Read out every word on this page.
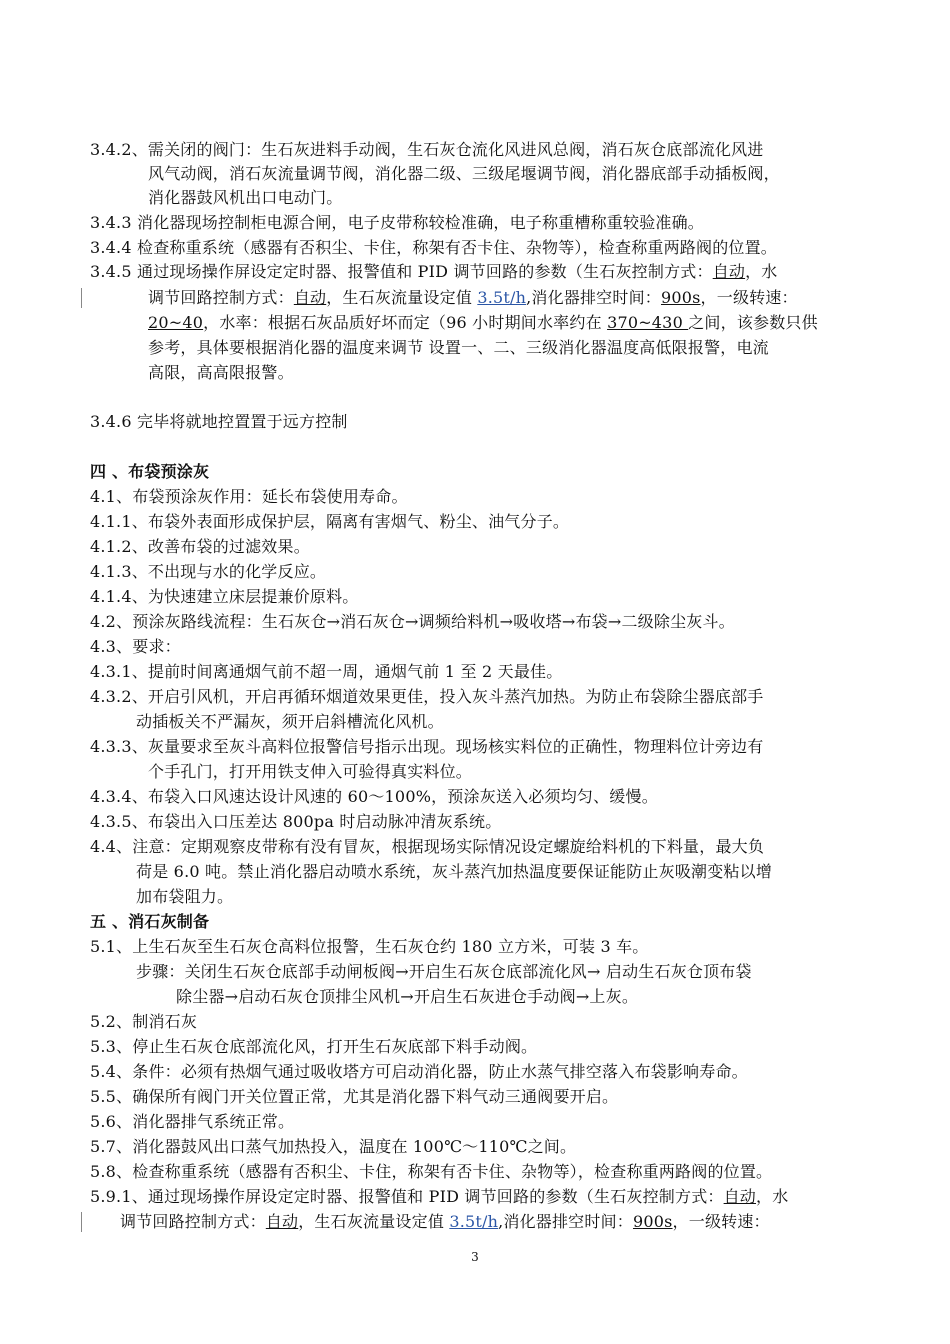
3.4.2、需关闭的阀门：生石灰进料手动阀，生石灰仓流化风进风总阀，消石灰仓底部流化风进
风气动阀，消石灰流量调节阀，消化器二级、三级尾堰调节阀，消化器底部手动插板阀，
消化器鼓风机出口电动门。
3.4.3 消化器现场控制柜电源合闸，电子皮带称较检准确，电子称重槽称重较验准确。
3.4.4 检查称重系统（感器有否积尘、卡住，称架有否卡住、杂物等），检查称重两路阀的位置。
3.4.5 通过现场操作屏设定定时器、报警值和 PID 调节回路的参数（生石灰控制方式：自动，水
调节回路控制方式：自动，生石灰流量设定值 3.5t/h,消化器排空时间：900s，一级转速：
20~40，水率：根据石灰品质好坏而定（96 小时期间水率约在 370~430 之间，该参数只供
参考，具体要根据消化器的温度来调节 设置一、二、三级消化器温度高低限报警，电流
高限，高高限报警。
3.4.6 完毕将就地控置置于远方控制
四 、布袋预涂灰
4.1、布袋预涂灰作用：延长布袋使用寿命。
4.1.1、布袋外表面形成保护层，隔离有害烟气、粉尘、油气分子。
4.1.2、改善布袋的过滤效果。
4.1.3、不出现与水的化学反应。
4.1.4、为快速建立床层提兼价原料。
4.2、预涂灰路线流程：生石灰仓→消石灰仓→调频给料机→吸收塔→布袋→二级除尘灰斗。
4.3、要求：
4.3.1、提前时间离通烟气前不超一周，通烟气前 1 至 2 天最佳。
4.3.2、开启引风机，开启再循环烟道效果更佳，投入灰斗蒸汽加热。为防止布袋除尘器底部手
动插板关不严漏灰，须开启斜槽流化风机。
4.3.3、灰量要求至灰斗高料位报警信号指示出现。现场核实料位的正确性，物理料位计旁边有
个手孔门，打开用铁支伸入可验得真实料位。
4.3.4、布袋入口风速达设计风速的 60～100%，预涂灰送入必须均匀、缓慢。
4.3.5、布袋出入口压差达 800pa 时启动脉冲清灰系统。
4.4、注意：定期观察皮带称有没有冒灰，根据现场实际情况设定螺旋给料机的下料量，最大负
荷是 6.0 吨。禁止消化器启动喷水系统，灰斗蒸汽加热温度要保证能防止灰吸潮变粘以增
加布袋阻力。
五 、消石灰制备
5.1、上生石灰至生石灰仓高料位报警，生石灰仓约 180 立方米，可装 3 车。
步骤：关闭生石灰仓底部手动闸板阀→开启生石灰仓底部流化风→ 启动生石灰仓顶布袋
除尘器→启动石灰仓顶排尘风机→开启生石灰进仓手动阀→上灰。
5.2、制消石灰
5.3、停止生石灰仓底部流化风，打开生石灰底部下料手动阀。
5.4、条件：必须有热烟气通过吸收塔方可启动消化器，防止水蒸气排空落入布袋影响寿命。
5.5、确保所有阀门开关位置正常，尤其是消化器下料气动三通阀要开启。
5.6、消化器排气系统正常。
5.7、消化器鼓风出口蒸气加热投入，温度在 100℃～110℃之间。
5.8、检查称重系统（感器有否积尘、卡住，称架有否卡住、杂物等），检查称重两路阀的位置。
5.9.1、通过现场操作屏设定定时器、报警值和 PID 调节回路的参数（生石灰控制方式：自动，水
调节回路控制方式：自动，生石灰流量设定值 3.5t/h,消化器排空时间：900s，一级转速：
3
